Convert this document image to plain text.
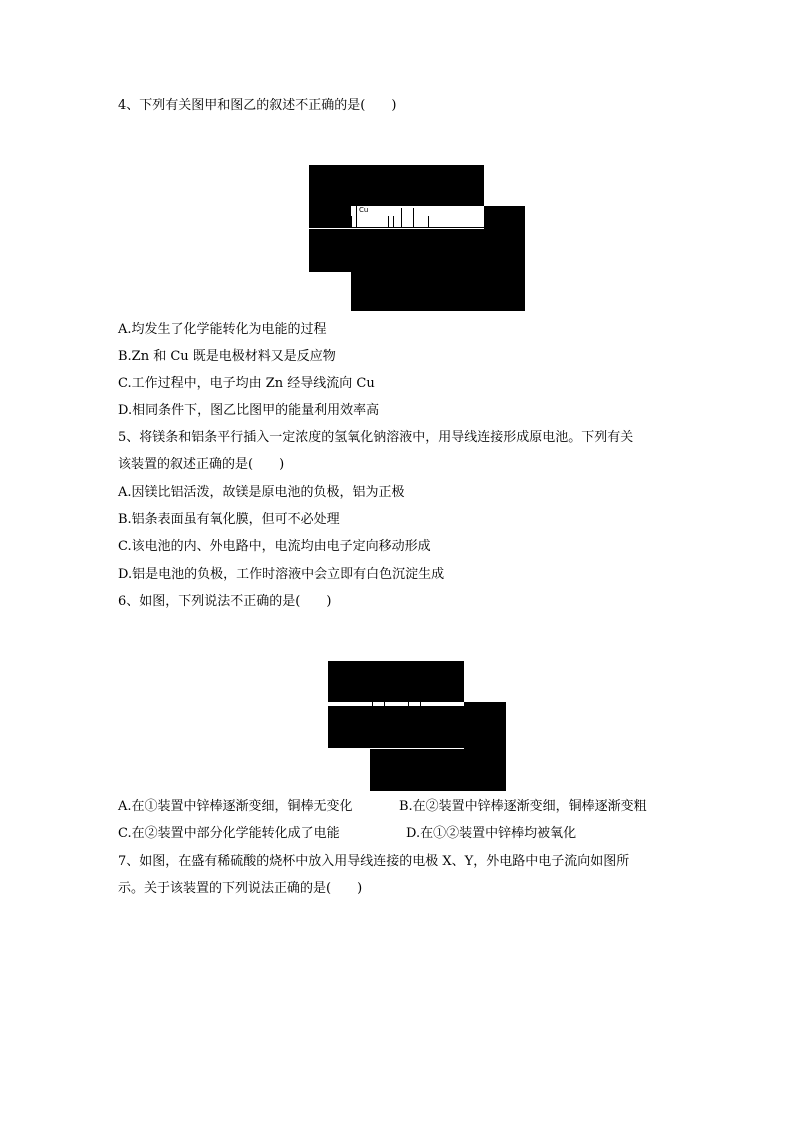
4、下列有关图甲和图乙的叙述不正确的是(　　)
Cu
A.均发生了化学能转化为电能的过程
B.Zn 和 Cu 既是电极材料又是反应物
C.工作过程中，电子均由 Zn 经导线流向 Cu
D.相同条件下，图乙比图甲的能量利用效率高
5、将镁条和铝条平行插入一定浓度的氢氧化钠溶液中，用导线连接形成原电池。下列有关
该装置的叙述正确的是(　　)
A.因镁比铝活泼，故镁是原电池的负极，铝为正极
B.铝条表面虽有氧化膜，但可不必处理
C.该电池的内、外电路中，电流均由电子定向移动形成
D.铝是电池的负极，工作时溶液中会立即有白色沉淀生成
6、如图，下列说法不正确的是(　　)
A.在①装置中锌棒逐渐变细，铜棒无变化	B.在②装置中锌棒逐渐变细，铜棒逐渐变粗
C.在②装置中部分化学能转化成了电能	D.在①②装置中锌棒均被氧化
7、如图，在盛有稀硫酸的烧杯中放入用导线连接的电极 X、Y，外电路中电子流向如图所
示。关于该装置的下列说法正确的是(　　)
